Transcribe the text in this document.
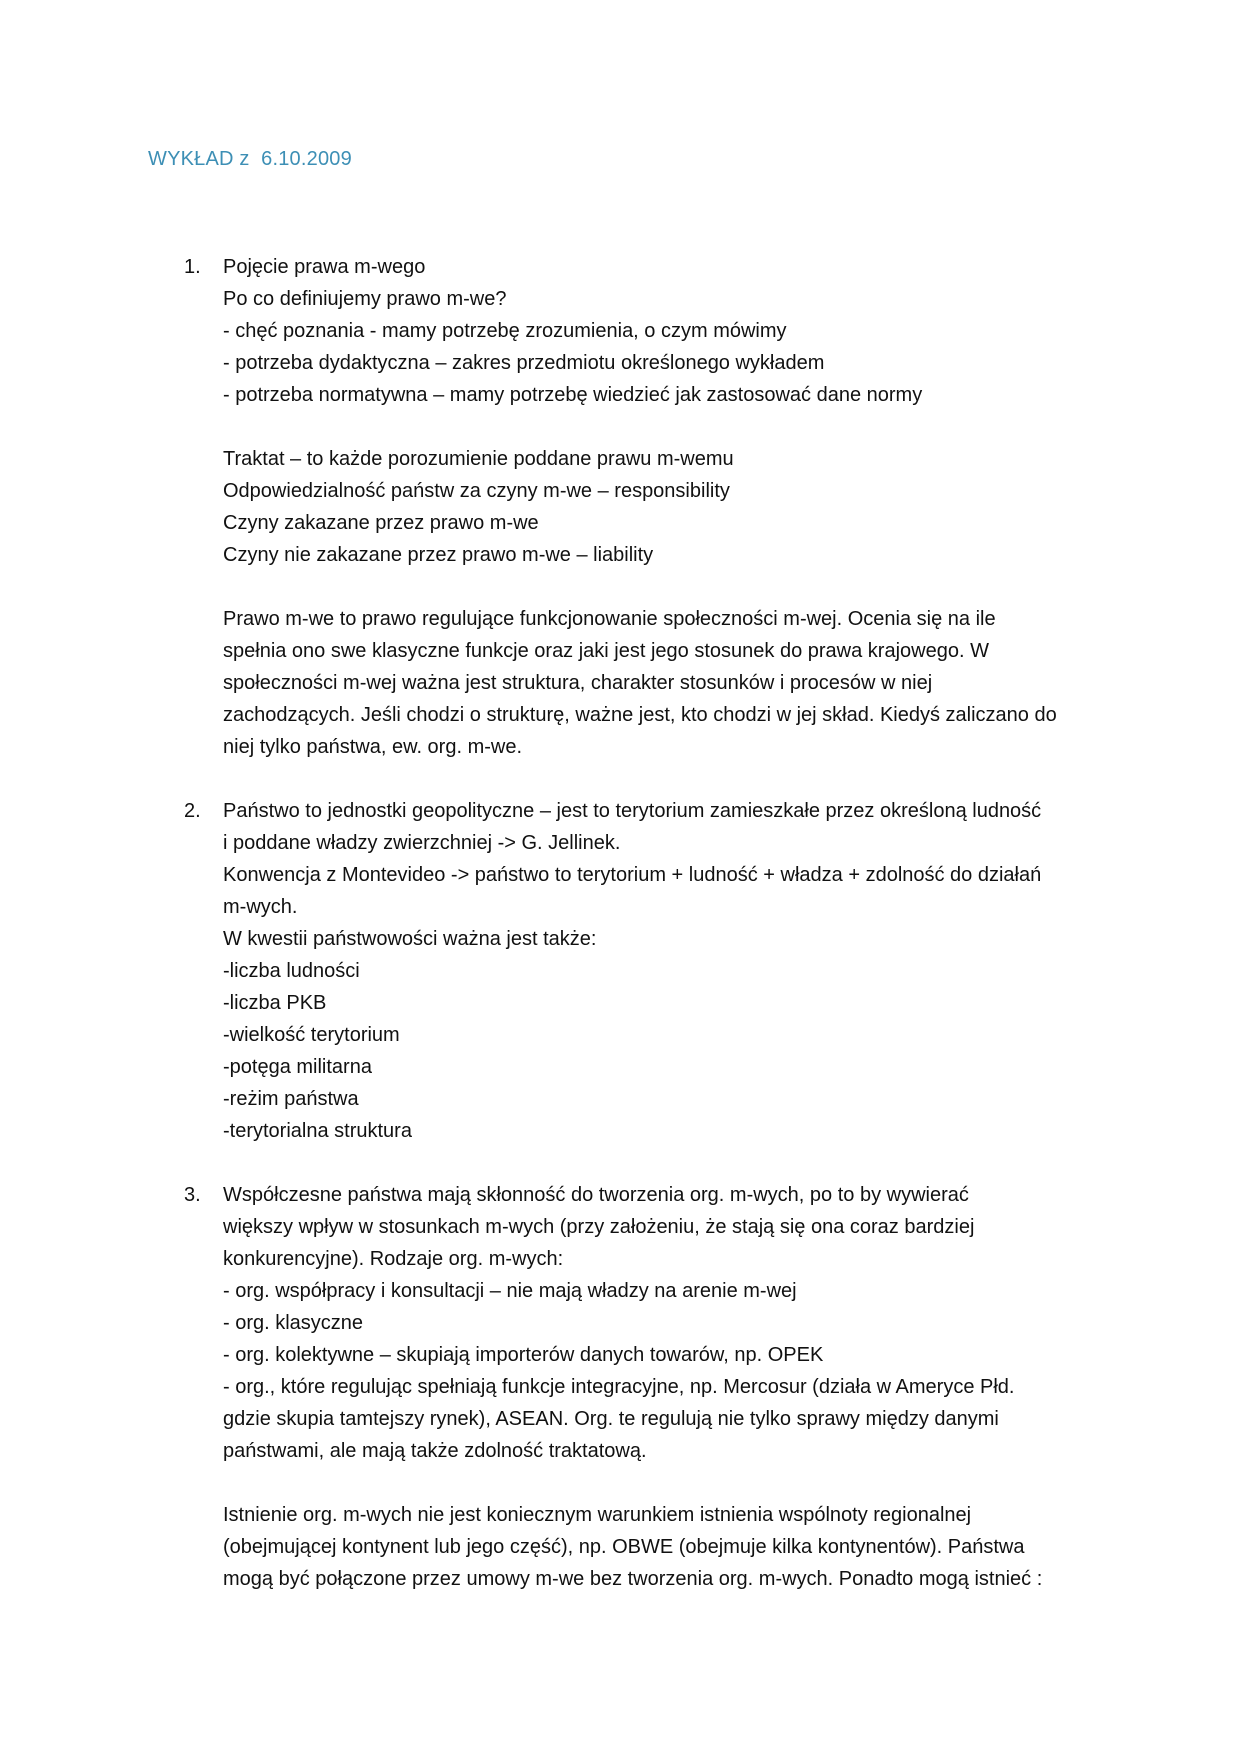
WYKŁAD z  6.10.2009
1. Pojęcie prawa m-wego
Po co definiujemy prawo m-we?
- chęć poznania - mamy potrzebę zrozumienia, o czym mówimy
- potrzeba dydaktyczna – zakres przedmiotu określonego wykładem
- potrzeba normatywna – mamy potrzebę wiedzieć jak zastosować dane normy
Traktat – to każde porozumienie poddane prawu m-wemu
Odpowiedzialność państw za czyny m-we – responsibility
Czyny zakazane przez prawo m-we
Czyny nie zakazane przez prawo m-we – liability
Prawo m-we to prawo regulujące funkcjonowanie społeczności m-wej. Ocenia się na ile
spełnia ono swe klasyczne funkcje oraz jaki jest jego stosunek do prawa krajowego. W
społeczności m-wej ważna jest struktura, charakter stosunków i procesów w niej
zachodzących. Jeśli chodzi o strukturę, ważne jest, kto chodzi w jej skład. Kiedyś zaliczano do
niej tylko państwa, ew. org. m-we.
2. Państwo to jednostki geopolityczne – jest to terytorium zamieszkałe przez określoną ludność
i poddane władzy zwierzchniej -> G. Jellinek.
Konwencja z Montevideo -> państwo to terytorium + ludność + władza + zdolność do działań
m-wych.
W kwestii państwowości ważna jest także:
-liczba ludności
-liczba PKB
-wielkość terytorium
-potęga militarna
-reżim państwa
-terytorialna struktura
3. Współczesne państwa mają skłonność do tworzenia org. m-wych, po to by wywierać
większy wpływ w stosunkach m-wych (przy założeniu, że stają się ona coraz bardziej
konkurencyjne). Rodzaje org. m-wych:
- org. współpracy i konsultacji – nie mają władzy na arenie m-wej
- org. klasyczne
- org. kolektywne – skupiają importerów danych towarów, np. OPEK
- org., które regulując spełniają funkcje integracyjne, np. Mercosur (działa w Ameryce Płd.
gdzie skupia tamtejszy rynek), ASEAN. Org. te regulują nie tylko sprawy między danymi
państwami, ale mają także zdolność traktatową.
Istnienie org. m-wych nie jest koniecznym warunkiem istnienia wspólnoty regionalnej
(obejmującej kontynent lub jego część), np. OBWE (obejmuje kilka kontynentów). Państwa
mogą być połączone przez umowy m-we bez tworzenia org. m-wych. Ponadto mogą istnieć :
